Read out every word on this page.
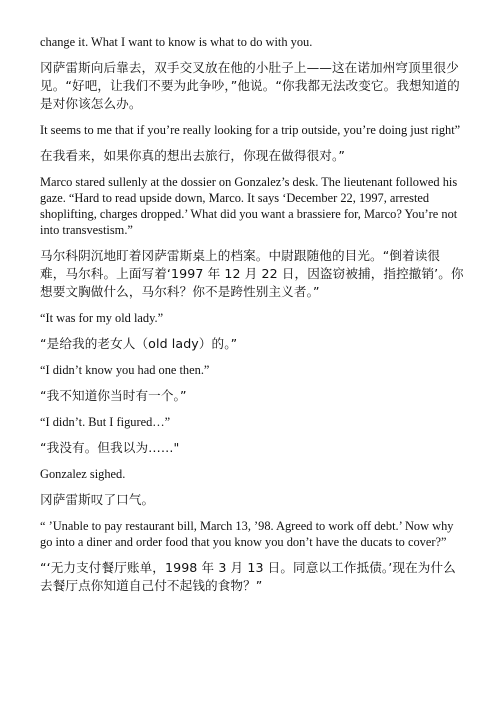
change it. What I want to know is what to do with you.

冈萨雷斯向后靠去，双手交叉放在他的小肚子上——这在诺加州穹顶里很少见。“好吧，让我们不要为此争吵，”他说。“你我都无法改变它。我想知道的是对你该怎么办。

It seems to me that if you’re really looking for a trip outside, you’re doing just right”

在我看来，如果你真的想出去旅行，你现在做得很对。”

Marco stared sullenly at the dossier on Gonzalez’s desk. The lieutenant followed his gaze. “Hard to read upside down, Marco. It says ‘December 22, 1997, arrested shoplifting, charges dropped.’ What did you want a brassiere for, Marco? You’re not into transvestism.”

马尔科阴沉地盯着冈萨雷斯桌上的档案。中尉跟随他的目光。“倒着读很难，马尔科。上面写着‘1997 年 12 月 22 日，因盗窃被捕，指控撤销’。你想要文胸做什么，马尔科？你不是跨性别主义者。”

“It was for my old lady.”

“是给我的老女人（old lady）的。”

“I didn’t know you had one then.”

“我不知道你当时有一个。”

“I didn’t. But I figured…”

“我没有。但我以为……"

Gonzalez sighed.

冈萨雷斯叹了口气。

“ ’Unable to pay restaurant bill, March 13, ’98. Agreed to work off debt.’ Now why go into a diner and order food that you know you don’t have the ducats to cover?”

“‘无力支付餐厅账单，1998 年 3 月 13 日。同意以工作抵债。’现在为什么去餐厅点你知道自己付不起钱的食物？”
